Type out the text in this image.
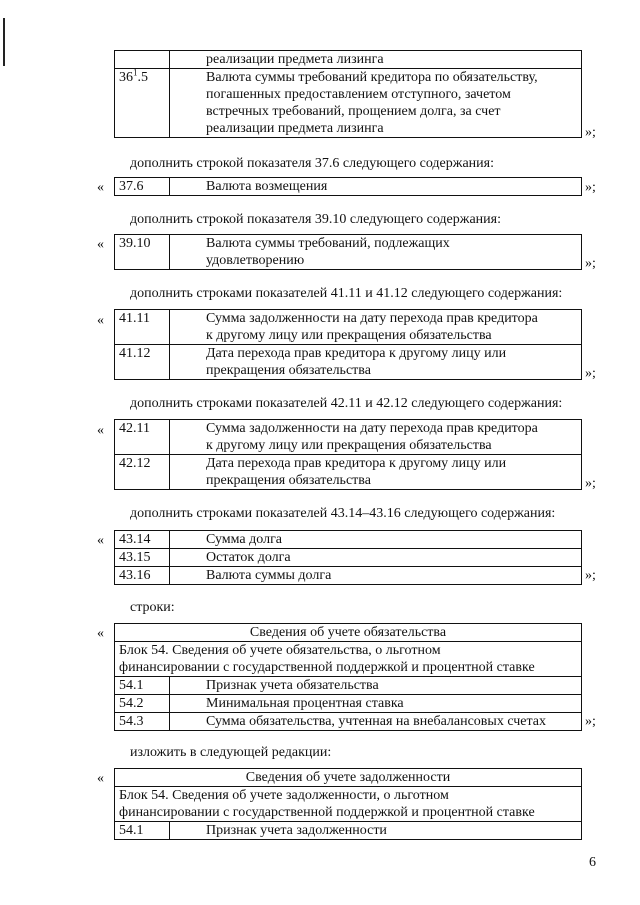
	реализации предмета лизинга
$36^1.5$	Валюта суммы требований кредитора по обязательству,
погашенных предоставлением отступного, зачетом
встречных требований, прощением долга, за счет
реализации предмета лизинга	»;
дополнить строкой показателя 37.6 следующего содержания:
« 37.6	Валюта возмещения	»;
дополнить строкой показателя 39.10 следующего содержания:
« 39.10	Валюта суммы требований, подлежащих
удовлетворению	»;
дополнить строками показателей 41.11 и 41.12 следующего содержания:
« 41.11	Сумма задолженности на дату перехода прав кредитора
к другому лицу или прекращения обязательства

41.12	Дата перехода прав кредитора к другому лицу или
прекращения обязательства	»;
дополнить строками показателей 42.11 и 42.12 следующего содержания:
« 42.11	Сумма задолженности на дату перехода прав кредитора
к другому лицу или прекращения обязательства

42.12	Дата перехода прав кредитора к другому лицу или
прекращения обязательства	»;
дополнить строками показателей 43.14–43.16 следующего содержания:
« 43.14	Сумма долга
43.15	Остаток долга
43.16	Валюта суммы долга	»;
строки:
«	Сведения об учете обязательства	

Блок 54. Сведения об учете обязательства, о льготном
финансировании с государственной поддержкой и процентной ставке	

54.1	Признак учета обязательства
54.2	Минимальная процентная ставка
54.3	Сумма обязательства, учтенная на внебалансовых счетах	»;
изложить в следующей редакции:
«	Сведения об учете задолженности

Блок 54. Сведения об учете задолженности, о льготном
финансировании с государственной поддержкой и процентной ставке

54.1	Признак учета задолженности
6
